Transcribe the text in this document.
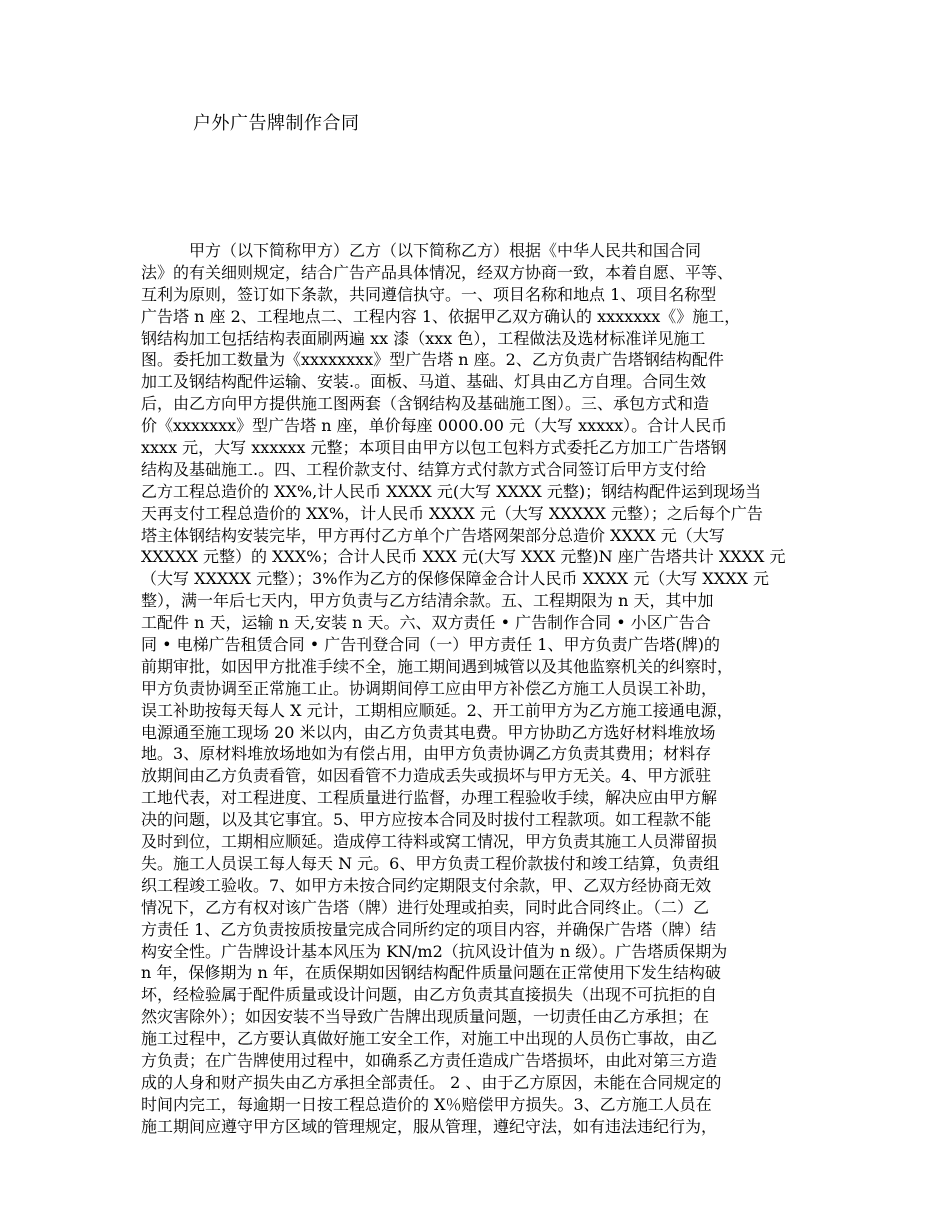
户外广告牌制作合同
　　　甲方（以下简称甲方）乙方（以下简称乙方）根据《中华人民共和国合同
法》的有关细则规定，结合广告产品具体情况，经双方协商一致，本着自愿、平等、
互利为原则，签订如下条款，共同遵信执守。一、项目名称和地点 1、项目名称型
广告塔 n 座 2、工程地点二、工程内容 1、依据甲乙双方确认的 xxxxxxx《》施工，
钢结构加工包括结构表面刷两遍 xx 漆（xxx 色），工程做法及选材标准详见施工
图。委托加工数量为《xxxxxxxx》型广告塔 n 座。2、乙方负责广告塔钢结构配件
加工及钢结构配件运输、安装.。面板、马道、基础、灯具由乙方自理。合同生效
后，由乙方向甲方提供施工图两套（含钢结构及基础施工图）。三、承包方式和造
价《xxxxxxx》型广告塔 n 座，单价每座 0000.00 元（大写 xxxxx）。合计人民币
xxxx 元，大写 xxxxxx 元整；本项目由甲方以包工包料方式委托乙方加工广告塔钢
结构及基础施工.。四、工程价款支付、结算方式付款方式合同签订后甲方支付给
乙方工程总造价的 XX%,计人民币 XXXX 元(大写 XXXX 元整)；钢结构配件运到现场当
天再支付工程总造价的 XX%，计人民币 XXXX 元（大写 XXXXX 元整）；之后每个广告
塔主体钢结构安装完毕，甲方再付乙方单个广告塔网架部分总造价 XXXX 元（大写
XXXXX 元整）的 XXX%；合计人民币 XXX 元(大写 XXX 元整)N 座广告塔共计 XXXX 元
（大写 XXXXX 元整）；3%作为乙方的保修保障金合计人民币 XXXX 元（大写 XXXX 元
整），满一年后七天内，甲方负责与乙方结清余款。五、工程期限为 n 天，其中加
工配件 n 天，运输 n 天,安装 n 天。六、双方责任 • 广告制作合同 • 小区广告合
同 • 电梯广告租赁合同 • 广告刊登合同（一）甲方责任 1、甲方负责广告塔(牌)的
前期审批，如因甲方批准手续不全，施工期间遇到城管以及其他监察机关的纠察时，
甲方负责协调至正常施工止。协调期间停工应由甲方补偿乙方施工人员误工补助，
误工补助按每天每人 X 元计，工期相应顺延。2、开工前甲方为乙方施工接通电源，
电源通至施工现场 20 米以内，由乙方负责其电费。甲方协助乙方选好材料堆放场
地。3、原材料堆放场地如为有偿占用，由甲方负责协调乙方负责其费用；材料存
放期间由乙方负责看管，如因看管不力造成丢失或损坏与甲方无关。4、甲方派驻
工地代表，对工程进度、工程质量进行监督，办理工程验收手续，解决应由甲方解
决的问题，以及其它事宜。5、甲方应按本合同及时拔付工程款项。如工程款不能
及时到位，工期相应顺延。造成停工待料或窝工情况，甲方负责其施工人员滞留损
失。施工人员误工每人每天 N 元。6、甲方负责工程价款拔付和竣工结算，负责组
织工程竣工验收。7、如甲方未按合同约定期限支付余款，甲、乙双方经协商无效
情况下，乙方有权对该广告塔（牌）进行处理或拍卖，同时此合同终止。（二）乙
方责任 1、乙方负责按质按量完成合同所约定的项目内容，并确保广告塔（牌）结
构安全性。广告牌设计基本风压为 KN/m2（抗风设计值为 n 级）。广告塔质保期为
n 年，保修期为 n 年，在质保期如因钢结构配件质量问题在正常使用下发生结构破
坏，经检验属于配件质量或设计问题，由乙方负责其直接损失（出现不可抗拒的自
然灾害除外）；如因安装不当导致广告牌出现质量问题，一切责任由乙方承担；在
施工过程中，乙方要认真做好施工安全工作，对施工中出现的人员伤亡事故，由乙
方负责；在广告牌使用过程中，如确系乙方责任造成广告塔损坏，由此对第三方造
成的人身和财产损失由乙方承担全部责任。 2 、由于乙方原因，未能在合同规定的
时间内完工，每逾期一日按工程总造价的 X％赔偿甲方损失。3、乙方施工人员在
施工期间应遵守甲方区域的管理规定，服从管理，遵纪守法，如有违法违纪行为，
